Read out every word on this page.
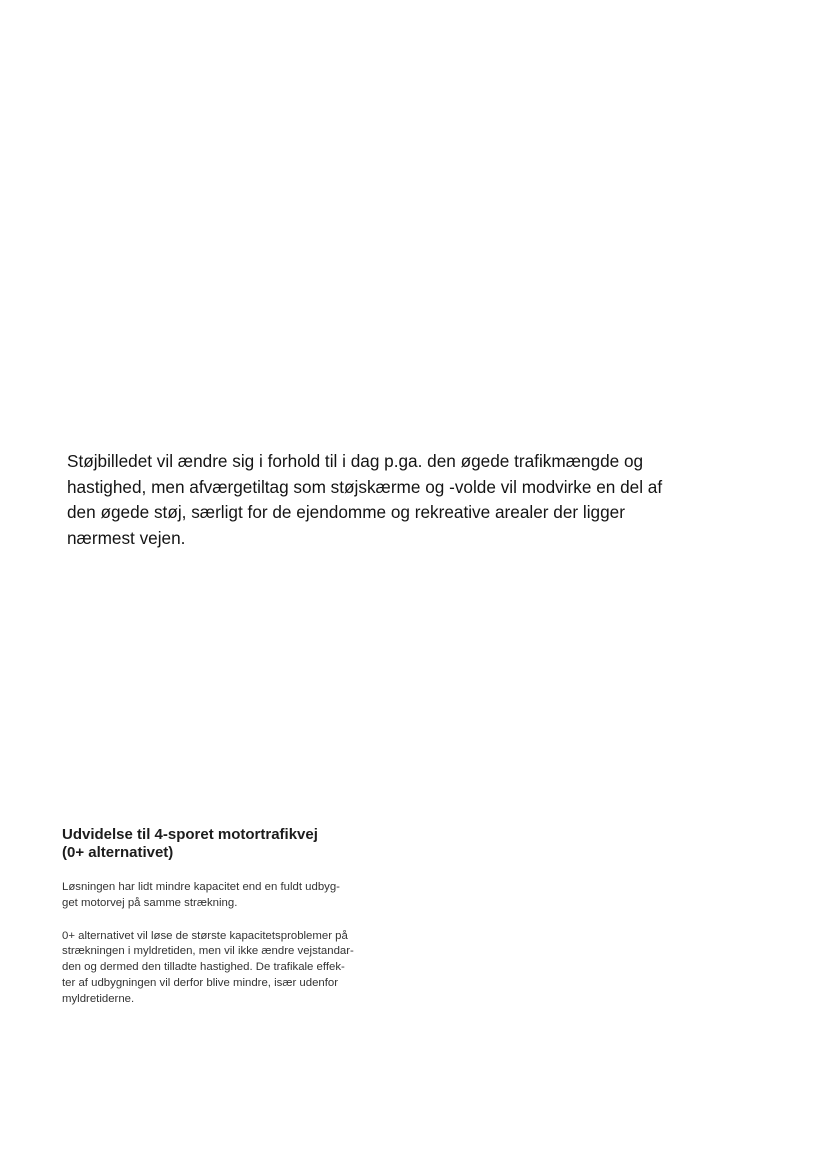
Støjbilledet vil ændre sig i forhold til i dag p.ga. den øgede trafikmængde og
hastighed, men afværgetiltag som støjskærme og -volde vil modvirke en del af
den øgede støj, særligt for de ejendomme og rekreative arealer der ligger
nærmest vejen.

Udvidelse til 4-sporet motortrafikvej
(0+ alternativet)

Løsningen har lidt mindre kapacitet end en fuldt udbyg-
get motorvej på samme strækning.

0+ alternativet vil løse de største kapacitetsproblemer på
strækningen i myldretiden, men vil ikke ændre vejstandar-
den og dermed den tilladte hastighed. De trafikale effek-
ter af udbygningen vil derfor blive mindre, især udenfor
myldretiderne.
